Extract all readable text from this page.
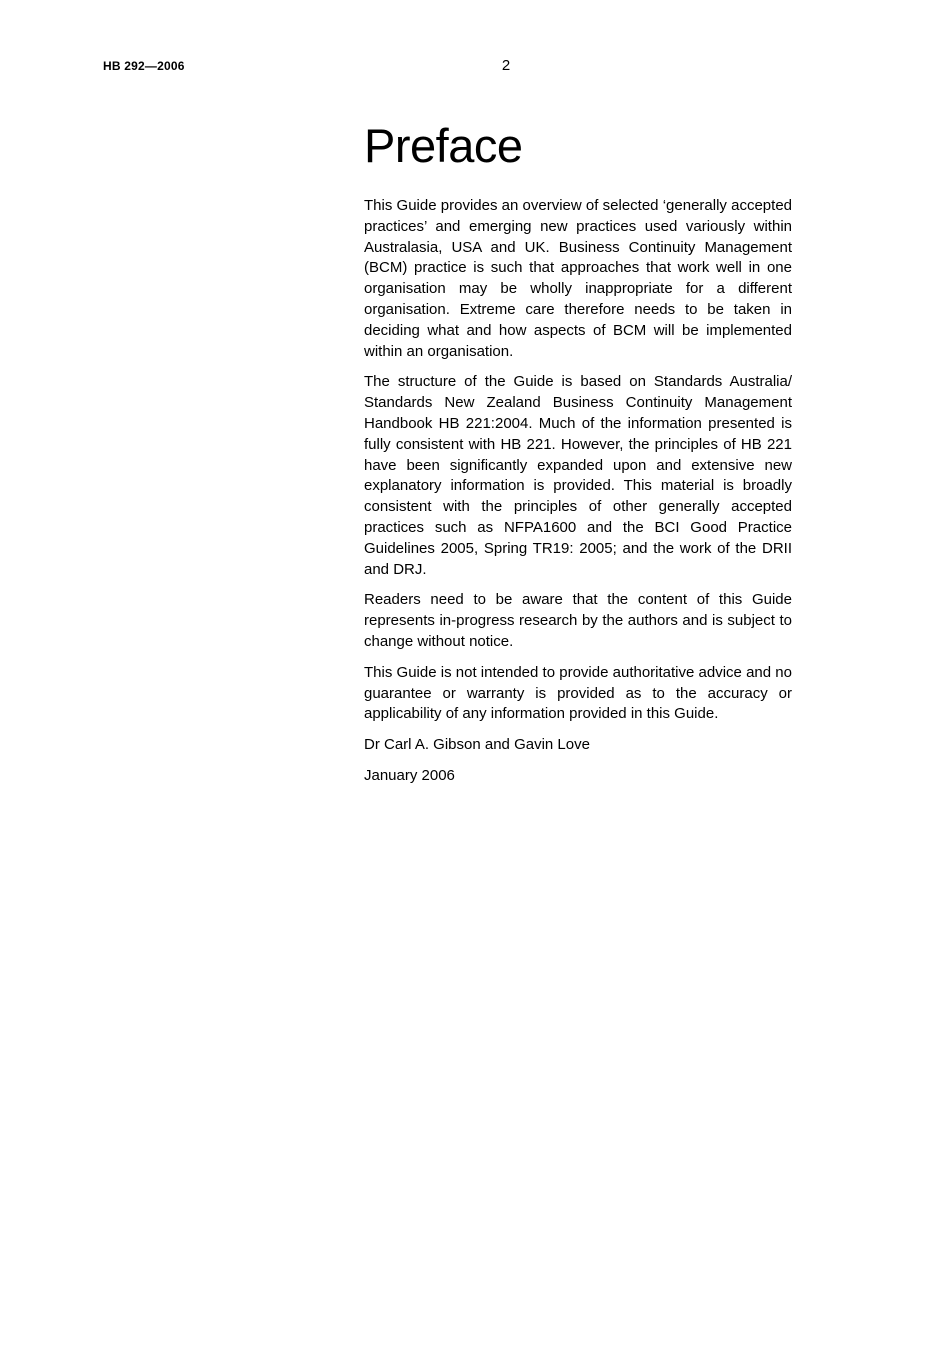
HB 292—2006	2
Preface

This Guide provides an overview of selected ‘generally accepted practices’ and emerging new practices used variously within Australasia, USA and UK. Business Continuity Management (BCM) practice is such that approaches that work well in one organisation may be wholly inappropriate for a different organisation. Extreme care therefore needs to be taken in deciding what and how aspects of BCM will be implemented within an organisation.

The structure of the Guide is based on Standards Australia/ Standards New Zealand Business Continuity Management Handbook HB 221:2004. Much of the information presented is fully consistent with HB 221. However, the principles of HB 221 have been significantly expanded upon and extensive new explanatory information is provided. This material is broadly consistent with the principles of other generally accepted practices such as NFPA1600 and the BCI Good Practice Guidelines 2005, Spring TR19: 2005; and the work of the DRII and DRJ.

Readers need to be aware that the content of this Guide represents in-progress research by the authors and is subject to change without notice.

This Guide is not intended to provide authoritative advice and no guarantee or warranty is provided as to the accuracy or applicability of any information provided in this Guide.

Dr Carl A. Gibson and Gavin Love

January 2006
